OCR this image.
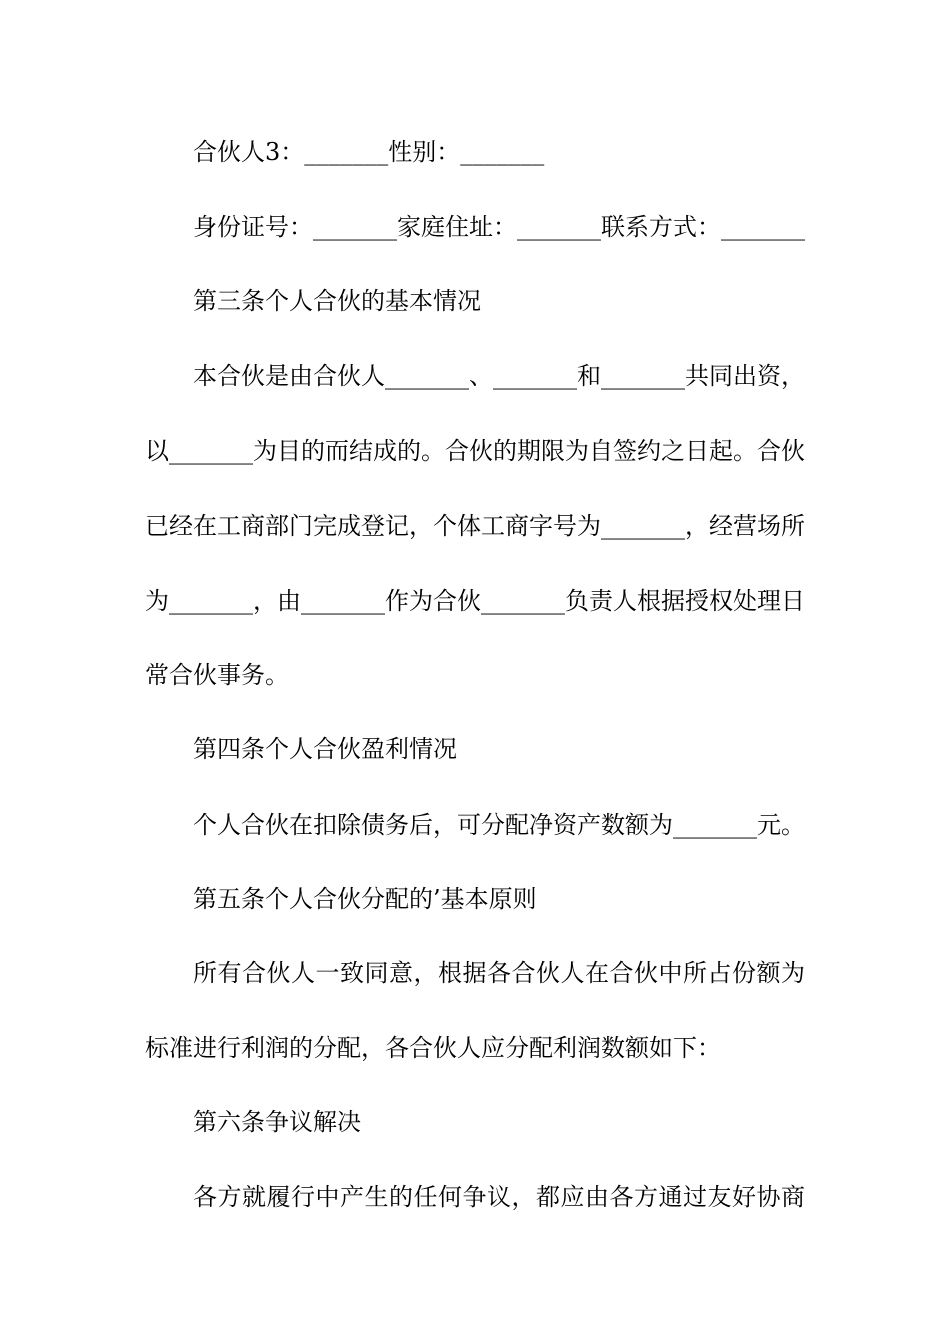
合伙人3：_______性别：_______
身份证号：_______家庭住址：_______联系方式：_______
第三条个人合伙的基本情况
本合伙是由合伙人_______、_______和_______共同出资，
以_______为目的而结成的。合伙的期限为自签约之日起。合伙
已经在工商部门完成登记，个体工商字号为_______，经营场所
为_______，由_______作为合伙_______负责人根据授权处理日
常合伙事务。
第四条个人合伙盈利情况
个人合伙在扣除债务后，可分配净资产数额为_______元。
第五条个人合伙分配的’基本原则
所有合伙人一致同意，根据各合伙人在合伙中所占份额为
标准进行利润的分配，各合伙人应分配利润数额如下：
第六条争议解决
各方就履行中产生的任何争议，都应由各方通过友好协商
